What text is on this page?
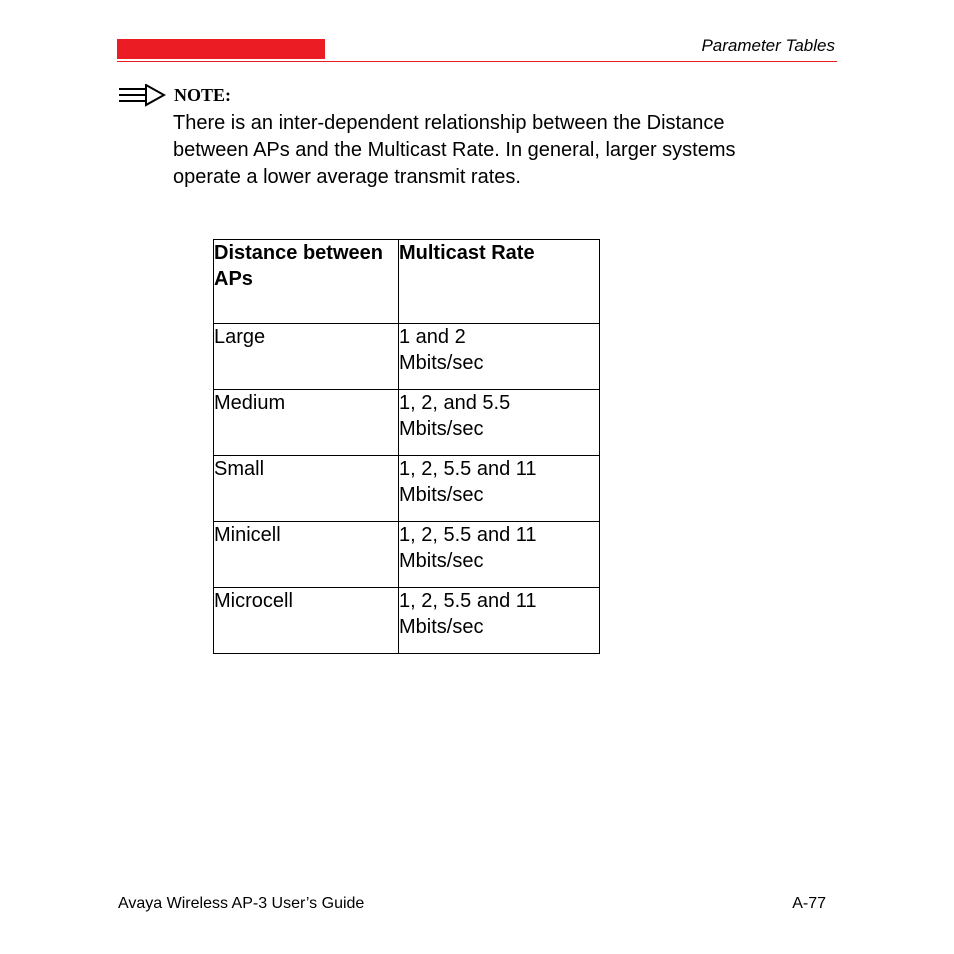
Parameter Tables
NOTE:
There is an inter-dependent relationship between the Distance
between APs and the Multicast Rate. In general, larger systems
operate a lower average transmit rates.
Distance between APs	Multicast Rate
Large	1 and 2
Mbits/sec

Medium	1, 2, and 5.5
Mbits/sec

Small	1, 2, 5.5 and 11
Mbits/sec

Minicell	1, 2, 5.5 and 11
Mbits/sec

Microcell	1, 2, 5.5 and 11
Mbits/sec
Avaya Wireless AP-3 User’s Guide	A-77
